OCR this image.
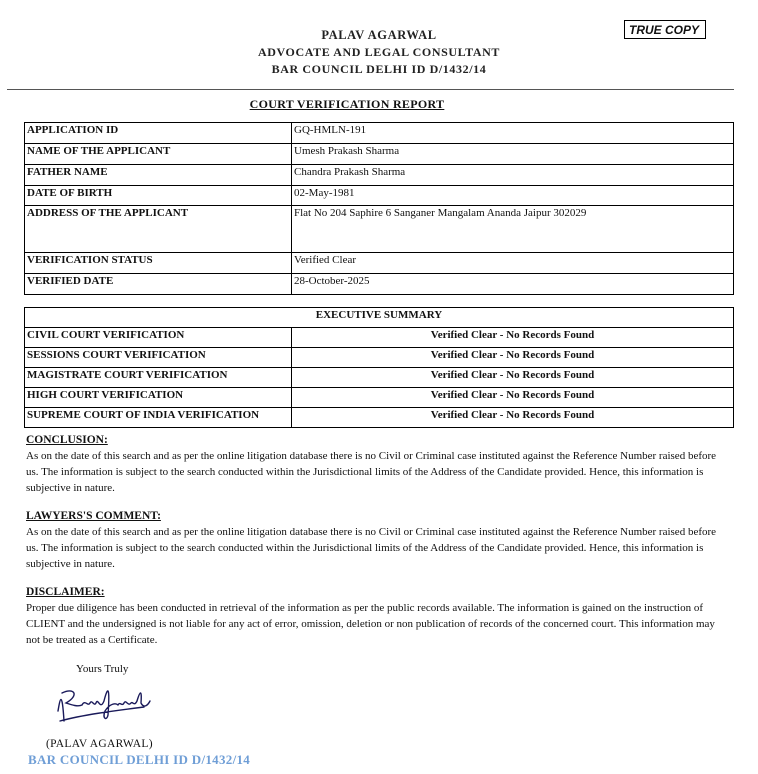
PALAV AGARWAL
ADVOCATE AND LEGAL CONSULTANT
BAR COUNCIL DELHI ID D/1432/14
TRUE COPY
COURT VERIFICATION REPORT
APPLICATION ID	GQ-HMLN-191
NAME OF THE APPLICANT	Umesh Prakash Sharma
FATHER NAME	Chandra Prakash Sharma
DATE OF BIRTH	02-May-1981
ADDRESS OF THE APPLICANT	Flat No 204 Saphire 6 Sanganer Mangalam Ananda Jaipur 302029
VERIFICATION STATUS	Verified Clear
VERIFIED DATE	28-October-2025
EXECUTIVE SUMMARY	
CIVIL COURT VERIFICATION	Verified Clear - No Records Found
SESSIONS COURT VERIFICATION	Verified Clear - No Records Found
MAGISTRATE COURT VERIFICATION	Verified Clear - No Records Found
HIGH COURT VERIFICATION	Verified Clear - No Records Found
SUPREME COURT OF INDIA VERIFICATION	Verified Clear - No Records Found
CONCLUSION:
As on the date of this search and as per the online litigation database there is no Civil or Criminal case instituted against the Reference Number raised before us. The information is subject to the search conducted within the Jurisdictional limits of the Address of the Candidate provided. Hence, this information is subjective in nature.
LAWYERS'S COMMENT:
As on the date of this search and as per the online litigation database there is no Civil or Criminal case instituted against the Reference Number raised before us. The information is subject to the search conducted within the Jurisdictional limits of the Address of the Candidate provided. Hence, this information is subjective in nature.
DISCLAIMER:
Proper due diligence has been conducted in retrieval of the information as per the public records available. The information is gained on the instruction of CLIENT and the undersigned is not liable for any act of error, omission, deletion or non publication of records of the concerned court. This information may not be treated as a Certificate.
Yours Truly
(PALAV AGARWAL)
BAR COUNCIL DELHI ID D/1432/14
